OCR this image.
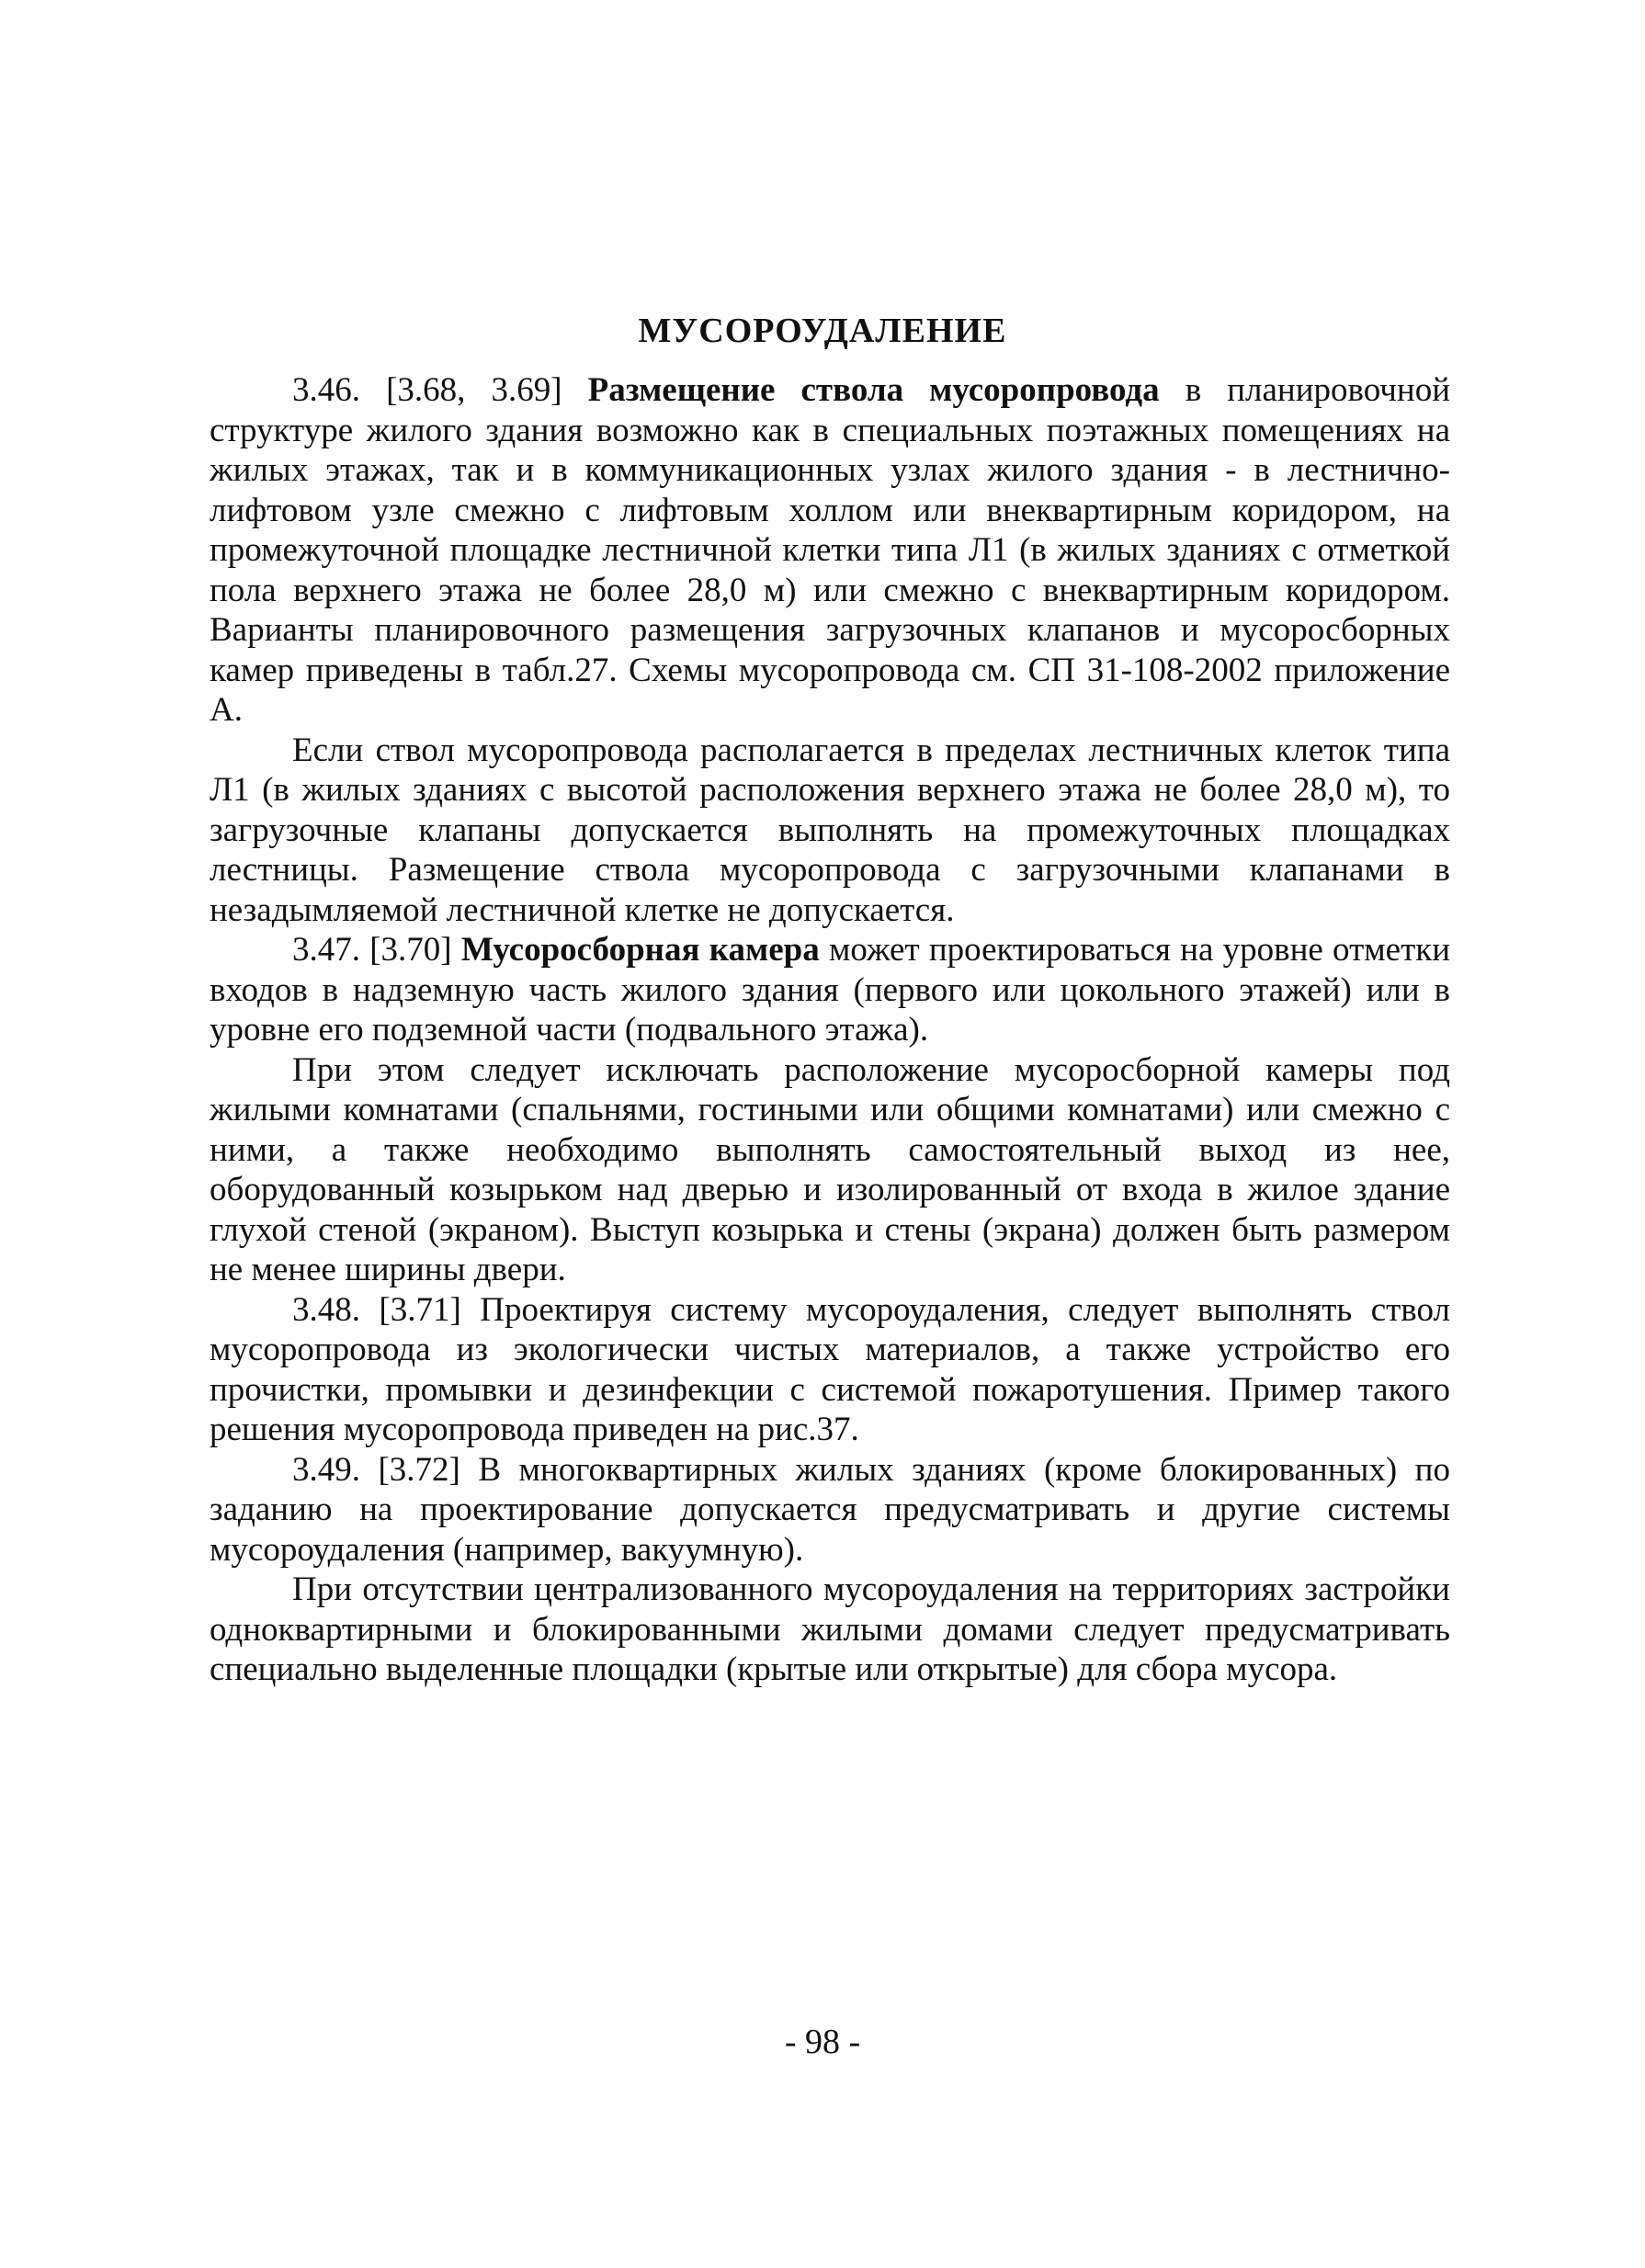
МУСОРОУДАЛЕНИЕ

3.46. [3.68, 3.69] Размещение ствола мусоропровода в планировочной структуре жилого здания возможно как в специальных поэтажных помещениях на жилых этажах, так и в коммуникационных узлах жилого здания - в лестнично-лифтовом узле смежно с лифтовым холлом или внеквартирным коридором, на промежуточной площадке лестничной клетки типа Л1 (в жилых зданиях с отметкой пола верхнего этажа не более 28,0 м) или смежно с внеквартирным коридором. Варианты планировочного размещения загрузочных клапанов и мусоросборных камер приведены в табл.27. Схемы мусоропровода см. СП 31-108-2002 приложение А.

Если ствол мусоропровода располагается в пределах лестничных клеток типа Л1 (в жилых зданиях с высотой расположения верхнего этажа не более 28,0 м), то загрузочные клапаны допускается выполнять на промежуточных площадках лестницы. Размещение ствола мусоропровода с загрузочными клапанами в незадымляемой лестничной клетке не допускается.

3.47. [3.70] Мусоросборная камера может проектироваться на уровне отметки входов в надземную часть жилого здания (первого или цокольного этажей) или в уровне его подземной части (подвального этажа).

При этом следует исключать расположение мусоросборной камеры под жилыми комнатами (спальнями, гостиными или общими комнатами) или смежно с ними, а также необходимо выполнять самостоятельный выход из нее, оборудованный козырьком над дверью и изолированный от входа в жилое здание глухой стеной (экраном). Выступ козырька и стены (экрана) должен быть размером не менее ширины двери.

3.48. [3.71] Проектируя систему мусороудаления, следует выполнять ствол мусоропровода из экологически чистых материалов, а также устройство его прочистки, промывки и дезинфекции с системой пожаротушения. Пример такого решения мусоропровода приведен на рис.37.

3.49. [3.72] В многоквартирных жилых зданиях (кроме блокированных) по заданию на проектирование допускается предусматривать и другие системы мусороудаления (например, вакуумную).

При отсутствии централизованного мусороудаления на территориях застройки одноквартирными и блокированными жилыми домами следует предусматривать специально выделенные площадки (крытые или открытые) для сбора мусора.

- 98 -
